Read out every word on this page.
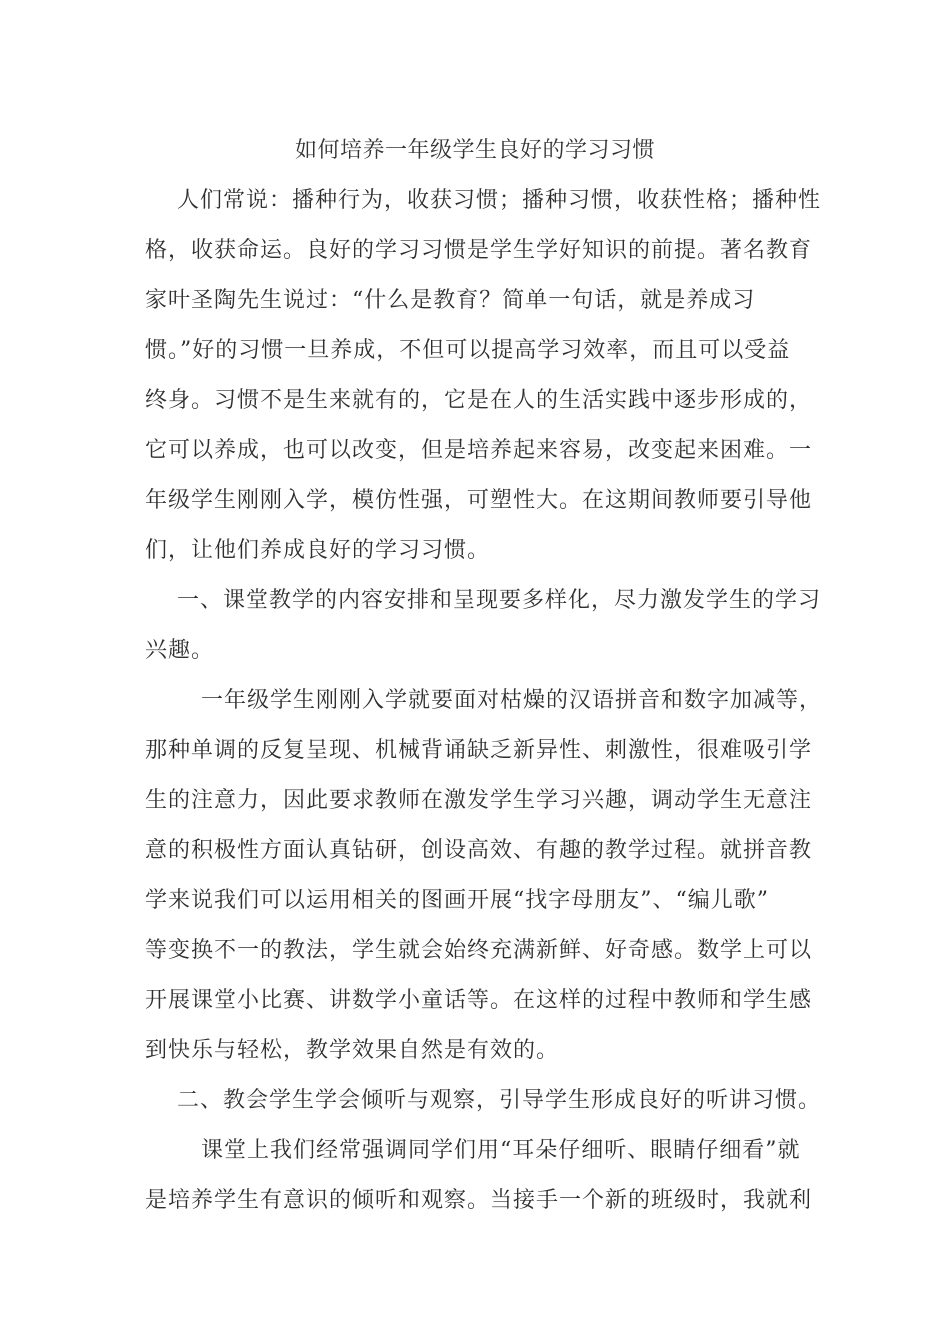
如何培养一年级学生良好的学习习惯
人们常说：播种行为，收获习惯；播种习惯，收获性格；播种性
格，收获命运。良好的学习习惯是学生学好知识的前提。著名教育
家叶圣陶先生说过：“什么是教育？简单一句话，就是养成习
惯。”好的习惯一旦养成，不但可以提高学习效率，而且可以受益
终身。习惯不是生来就有的，它是在人的生活实践中逐步形成的，
它可以养成，也可以改变，但是培养起来容易，改变起来困难。一
年级学生刚刚入学，模仿性强，可塑性大。在这期间教师要引导他
们，让他们养成良好的学习习惯。
一、课堂教学的内容安排和呈现要多样化，尽力激发学生的学习
兴趣。
一年级学生刚刚入学就要面对枯燥的汉语拼音和数字加减等，
那种单调的反复呈现、机械背诵缺乏新异性、刺激性，很难吸引学
生的注意力，因此要求教师在激发学生学习兴趣，调动学生无意注
意的积极性方面认真钻研，创设高效、有趣的教学过程。就拼音教
学来说我们可以运用相关的图画开展“找字母朋友”、“编儿歌”
等变换不一的教法，学生就会始终充满新鲜、好奇感。数学上可以
开展课堂小比赛、讲数学小童话等。在这样的过程中教师和学生感
到快乐与轻松，教学效果自然是有效的。
二、教会学生学会倾听与观察，引导学生形成良好的听讲习惯。
课堂上我们经常强调同学们用“耳朵仔细听、眼睛仔细看”就
是培养学生有意识的倾听和观察。当接手一个新的班级时，我就利
